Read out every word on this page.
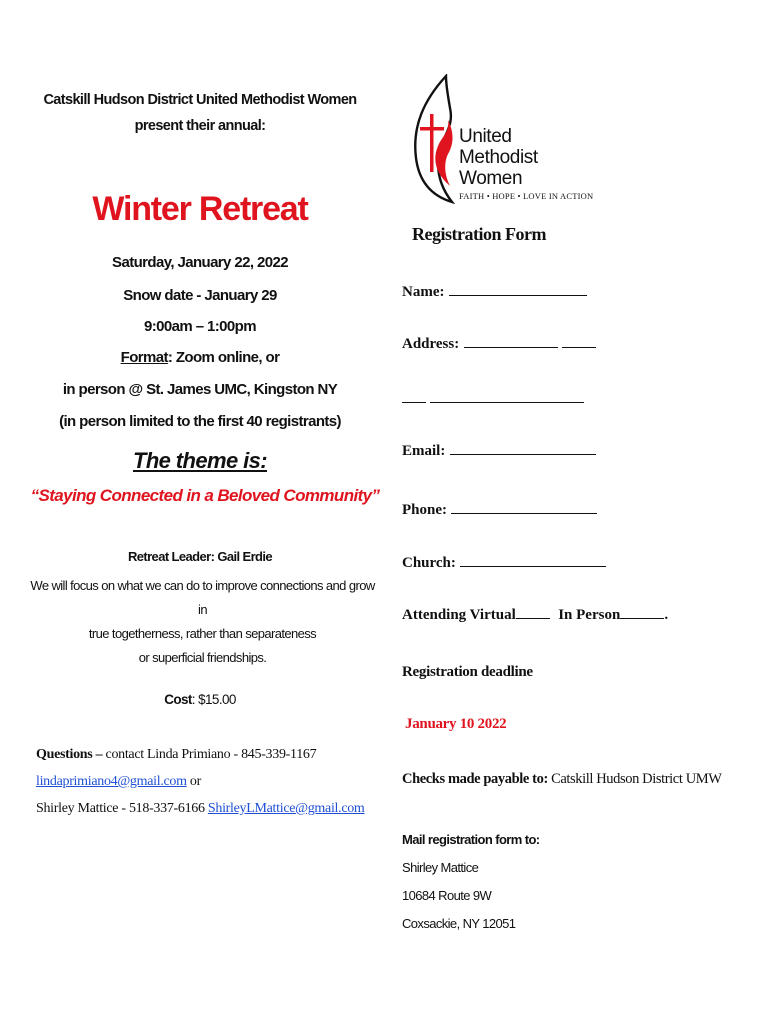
Catskill Hudson District United Methodist Women
present their annual:
Winter Retreat
Saturday, January 22, 2022
Snow date - January 29
9:00am – 1:00pm
Format: Zoom online, or
in person @ St. James UMC, Kingston NY
(in person limited to the first 40 registrants)
The theme is:
“Staying Connected in a Beloved Community”
Retreat Leader: Gail Erdie
We will focus on what we can do to improve connections and grow in
true togetherness, rather than separateness
or superficial friendships.
Cost: $15.00
Questions – contact Linda Primiano - 845-339-1167
lindaprimiano4@gmail.com or
Shirley Mattice - 518-337-6166 ShirleyLMattice@gmail.com
United
Methodist
Women
FAITH • HOPE • LOVE IN ACTION
Registration Form
Name:
Address:

Email:
Phone:
Church:
Attending Virtual	In Person	.
Registration deadline
January 10 2022
Checks made payable to: Catskill Hudson District UMW
Mail registration form to:
Shirley Mattice
10684 Route 9W
Coxsackie, NY 12051
